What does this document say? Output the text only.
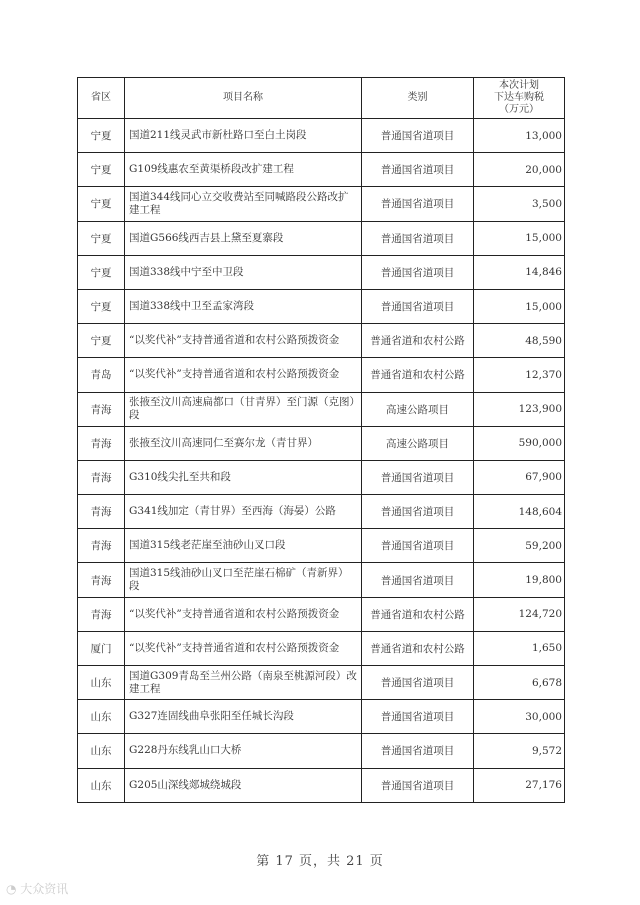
省区	项目名称	类别	本次计划
下达车购税
（万元）
宁夏	国道211线灵武市新杜路口至白土岗段	普通国省道项目	13,000
宁夏	G109线惠农至黄渠桥段改扩建工程	普通国省道项目	20,000
宁夏	国道344线同心立交收费站至同喊路段公路改扩建工程	普通国省道项目	3,500
宁夏	国道G566线西吉县上黛至夏寨段	普通国省道项目	15,000
宁夏	国道338线中宁至中卫段	普通国省道项目	14,846
宁夏	国道338线中卫至孟家湾段	普通国省道项目	15,000
宁夏	“以奖代补”支持普通省道和农村公路预拨资金	普通省道和农村公路	48,590
青岛	“以奖代补”支持普通省道和农村公路预拨资金	普通省道和农村公路	12,370
青海	张掖至汶川高速扁都口（甘青界）至门源（克图）段	高速公路项目	123,900
青海	张掖至汶川高速同仁至赛尔龙（青甘界）	高速公路项目	590,000
青海	G310线尖扎至共和段	普通国省道项目	67,900
青海	G341线加定（青甘界）至西海（海晏）公路	普通国省道项目	148,604
青海	国道315线老茫崖至油砂山叉口段	普通国省道项目	59,200
青海	国道315线油砂山叉口至茫崖石棉矿（青新界）段	普通国省道项目	19,800
青海	“以奖代补”支持普通省道和农村公路预拨资金	普通省道和农村公路	124,720
厦门	“以奖代补”支持普通省道和农村公路预拨资金	普通省道和农村公路	1,650
山东	国道G309青岛至兰州公路（南泉至桃源河段）改建工程	普通国省道项目	6,678
山东	G327连固线曲阜张阳至任城长沟段	普通国省道项目	30,000
山东	G228丹东线乳山口大桥	普通国省道项目	9,572
山东	G205山深线郯城绕城段	普通国省道项目	27,176
第 17 页，共 21 页
◔ 大众资讯
